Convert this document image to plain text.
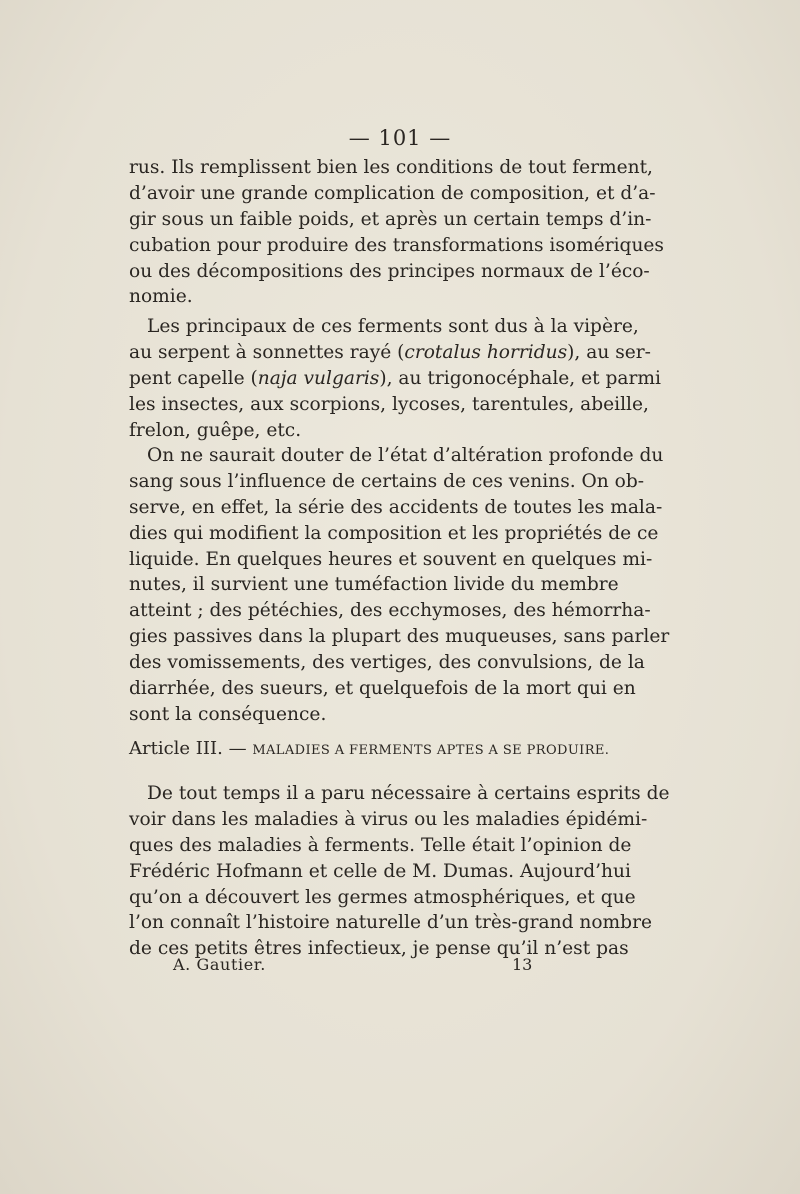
— 101 —
rus. Ils remplissent bien les conditions de tout ferment,
d’avoir une grande complication de composition, et d’a-
gir sous un faible poids, et après un certain temps d’in-
cubation pour produire des transformations isomériques
ou des décompositions des principes normaux de l’éco-
nomie.
Les principaux de ces ferments sont dus à la vipère,
au serpent à sonnettes rayé (crotalus horridus), au ser-
pent capelle (naja vulgaris), au trigonocéphale, et parmi
les insectes, aux scorpions, lycoses, tarentules, abeille,
frelon, guêpe, etc.
On ne saurait douter de l’état d’altération profonde du
sang sous l’influence de certains de ces venins. On ob-
serve, en effet, la série des accidents de toutes les mala-
dies qui modifient la composition et les propriétés de ce
liquide. En quelques heures et souvent en quelques mi-
nutes, il survient une tuméfaction livide du membre
atteint ; des pétéchies, des ecchymoses, des hémorrha-
gies passives dans la plupart des muqueuses, sans parler
des vomissements, des vertiges, des convulsions, de la
diarrhée, des sueurs, et quelquefois de la mort qui en
sont la conséquence.
Article III. — MALADIES A FERMENTS APTES A SE PRODUIRE.
De tout temps il a paru nécessaire à certains esprits de
voir dans les maladies à virus ou les maladies épidémi-
ques des maladies à ferments. Telle était l’opinion de
Frédéric Hofmann et celle de M. Dumas. Aujourd’hui
qu’on a découvert les germes atmosphériques, et que
l’on connaît l’histoire naturelle d’un très-grand nombre
de ces petits êtres infectieux, je pense qu’il n’est pas
A. Gautier.	13
